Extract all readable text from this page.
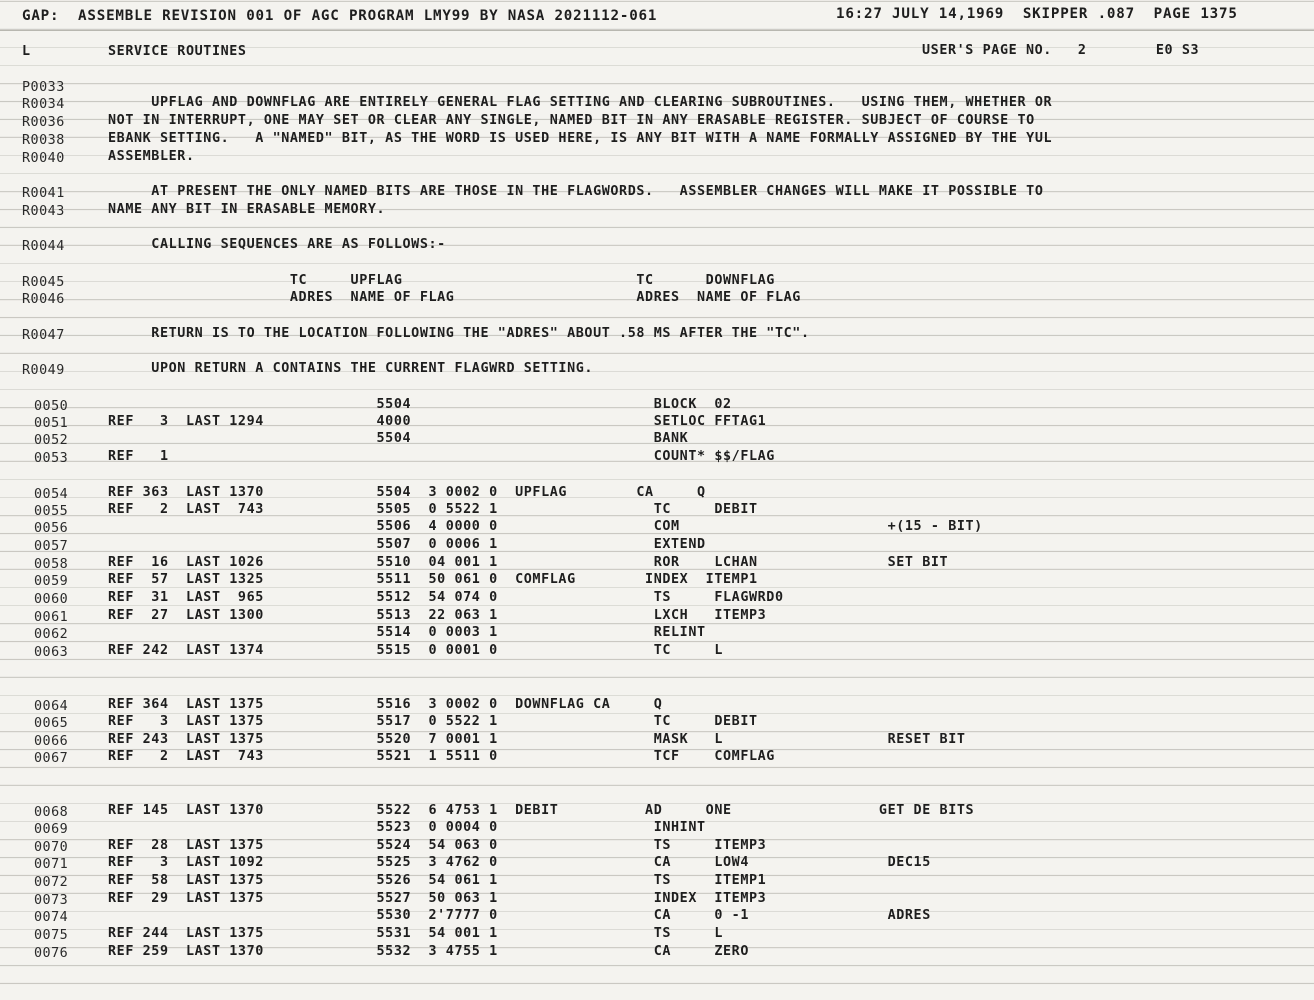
GAP:  ASSEMBLE REVISION 001 OF AGC PROGRAM LMY99 BY NASA 2021112-061	16:27 JULY 14,1969  SKIPPER .087  PAGE 1375
L	SERVICE ROUTINES	USER'S PAGE NO.   2        E0 S3
P0033
R0034	UPFLAG AND DOWNFLAG ARE ENTIRELY GENERAL FLAG SETTING AND CLEARING SUBROUTINES.   USING THEM, WHETHER OR
R0036	NOT IN INTERRUPT, ONE MAY SET OR CLEAR ANY SINGLE, NAMED BIT IN ANY ERASABLE REGISTER. SUBJECT OF COURSE TO
R0038	EBANK SETTING.   A "NAMED" BIT, AS THE WORD IS USED HERE, IS ANY BIT WITH A NAME FORMALLY ASSIGNED BY THE YUL
R0040	ASSEMBLER.
R0041	AT PRESENT THE ONLY NAMED BITS ARE THOSE IN THE FLAGWORDS.   ASSEMBLER CHANGES WILL MAKE IT POSSIBLE TO
R0043	NAME ANY BIT IN ERASABLE MEMORY.
R0044	CALLING SEQUENCES ARE AS FOLLOWS:-
R0045	TC     UPFLAG                           TC      DOWNFLAG
R0046	ADRES  NAME OF FLAG                     ADRES  NAME OF FLAG
R0047	RETURN IS TO THE LOCATION FOLLOWING THE "ADRES" ABOUT .58 MS AFTER THE "TC".
R0049	UPON RETURN A CONTAINS THE CURRENT FLAGWRD SETTING.
0050	5504                            BLOCK  02
0051	REF   3  LAST 1294             4000                            SETLOC FFTAG1
0052	5504                            BANK
0053	REF   1                                                        COUNT* $$/FLAG
0054	REF 363  LAST 1370             5504  3 0002 0  UPFLAG        CA     Q
0055	REF   2  LAST  743             5505  0 5522 1                  TC     DEBIT
0056	5506  4 0000 0                  COM                        +(15 - BIT)
0057	5507  0 0006 1                  EXTEND
0058	REF  16  LAST 1026             5510  04 001 1                  ROR    LCHAN               SET BIT
0059	REF  57  LAST 1325             5511  50 061 0  COMFLAG        INDEX  ITEMP1
0060	REF  31  LAST  965             5512  54 074 0                  TS     FLAGWRD0
0061	REF  27  LAST 1300             5513  22 063 1                  LXCH   ITEMP3
0062	5514  0 0003 1                  RELINT
0063	REF 242  LAST 1374             5515  0 0001 0                  TC     L
0064	REF 364  LAST 1375             5516  3 0002 0  DOWNFLAG CA     Q
0065	REF   3  LAST 1375             5517  0 5522 1                  TC     DEBIT
0066	REF 243  LAST 1375             5520  7 0001 1                  MASK   L                   RESET BIT
0067	REF   2  LAST  743             5521  1 5511 0                  TCF    COMFLAG
0068	REF 145  LAST 1370             5522  6 4753 1  DEBIT          AD     ONE                 GET DE BITS
0069	5523  0 0004 0                  INHINT
0070	REF  28  LAST 1375             5524  54 063 0                  TS     ITEMP3
0071	REF   3  LAST 1092             5525  3 4762 0                  CA     LOW4                DEC15
0072	REF  58  LAST 1375             5526  54 061 1                  TS     ITEMP1
0073	REF  29  LAST 1375             5527  50 063 1                  INDEX  ITEMP3
0074	5530  2'7777 0                  CA     0 -1                ADRES
0075	REF 244  LAST 1375             5531  54 001 1                  TS     L
0076	REF 259  LAST 1370             5532  3 4755 1                  CA     ZERO
